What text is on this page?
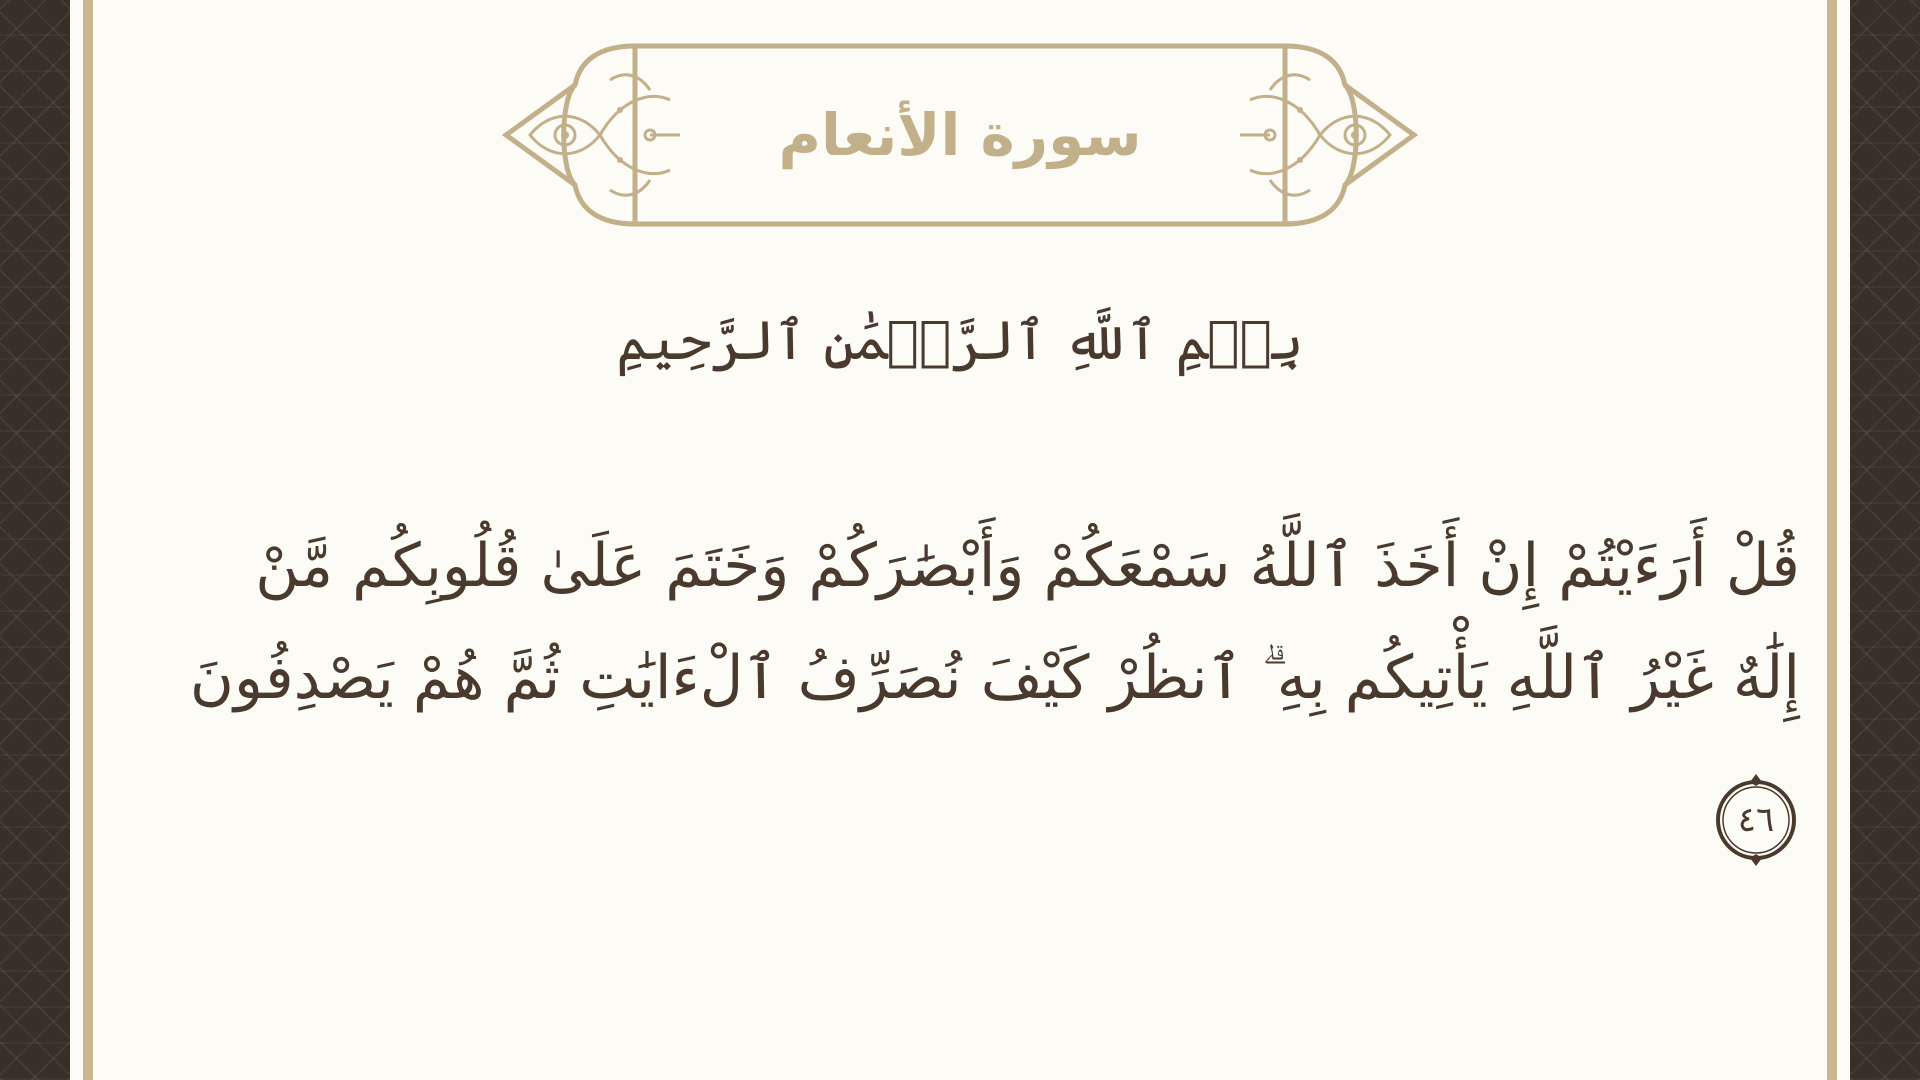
سورة الأنعام
بِسۡمِ ٱللَّهِ ٱلرَّحۡمَٰنِ ٱلرَّحِيمِ
قُلْ أَرَءَيْتُمْ إِنْ أَخَذَ ٱللَّهُ سَمْعَكُمْ وَأَبْصَٰرَكُمْ وَخَتَمَ عَلَىٰ قُلُوبِكُم مَّنْ
إِلَٰهٌ غَيْرُ ٱللَّهِ يَأْتِيكُم بِهِ ۗ ٱنظُرْ كَيْفَ نُصَرِّفُ ٱلْءَايَٰتِ ثُمَّ هُمْ يَصْدِفُونَ
٤٦
